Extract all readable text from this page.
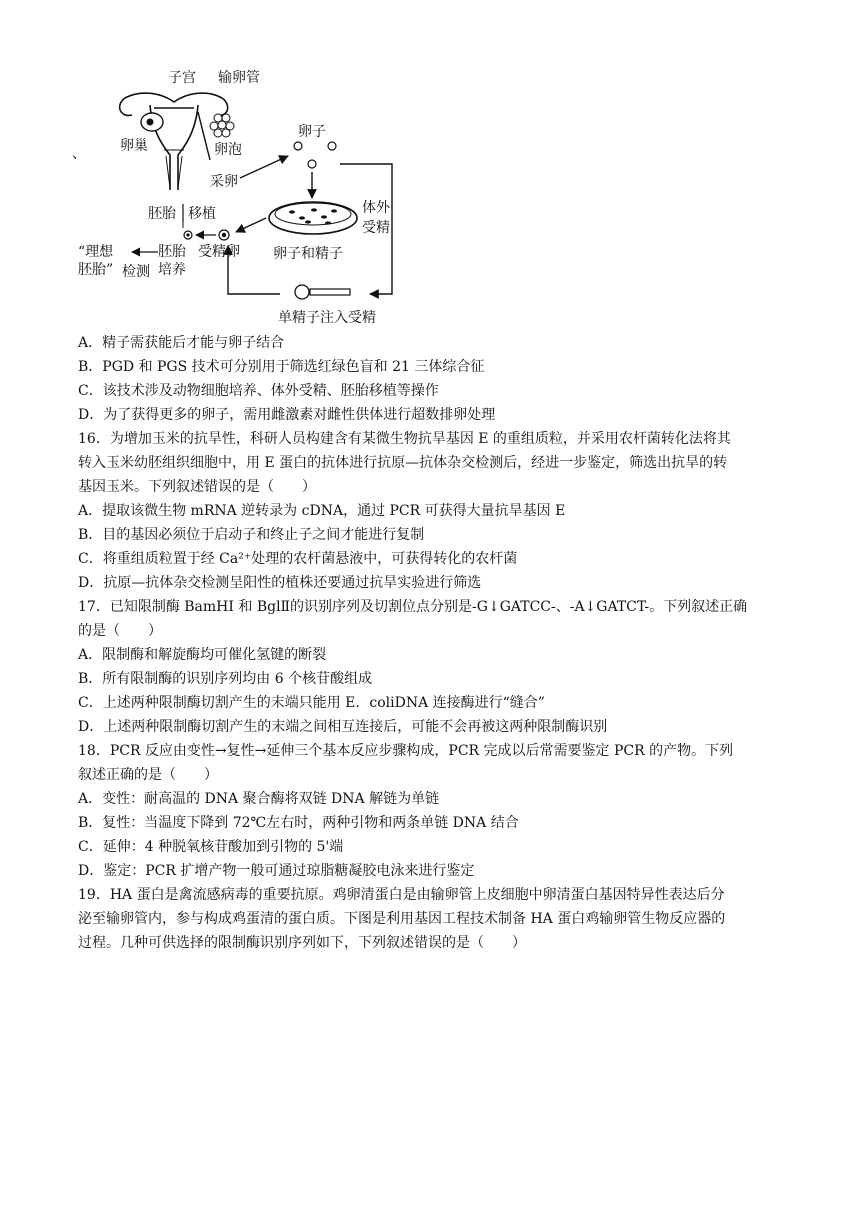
子宫 输卵管
卵巢	卵泡
采卵
、
卵子
体外
受精
卵子和精子
胚胎 移植
胚胎
培养
受精卵
“理想
胚胎” 检测
单精子注入受精
A．精子需获能后才能与卵子结合
B．PGD 和 PGS 技术可分别用于筛选红绿色盲和 21 三体综合征
C．该技术涉及动物细胞培养、体外受精、胚胎移植等操作
D．为了获得更多的卵子，需用雌激素对雌性供体进行超数排卵处理
16．为增加玉米的抗旱性，科研人员构建含有某微生物抗旱基因 E 的重组质粒，并采用农杆菌转化法将其
转入玉米幼胚组织细胞中，用 E 蛋白的抗体进行抗原—抗体杂交检测后，经进一步鉴定，筛选出抗旱的转
基因玉米。下列叙述错误的是（　　）
A．提取该微生物 mRNA 逆转录为 cDNA，通过 PCR 可获得大量抗旱基因 E
B．目的基因必须位于启动子和终止子之间才能进行复制
C．将重组质粒置于经 Ca²⁺处理的农杆菌悬液中，可获得转化的农杆菌
D．抗原—抗体杂交检测呈阳性的植株还要通过抗旱实验进行筛选
17．已知限制酶 BamHI 和 BglⅡ的识别序列及切割位点分别是-G↓GATCC-、-A↓GATCT-。下列叙述正确
的是（　　）
A．限制酶和解旋酶均可催化氢键的断裂
B．所有限制酶的识别序列均由 6 个核苷酸组成
C．上述两种限制酶切割产生的末端只能用 E．coliDNA 连接酶进行“缝合”
D．上述两种限制酶切割产生的末端之间相互连接后，可能不会再被这两种限制酶识别
18．PCR 反应由变性→复性→延伸三个基本反应步骤构成，PCR 完成以后常需要鉴定 PCR 的产物。下列
叙述正确的是（　　）
A．变性：耐高温的 DNA 聚合酶将双链 DNA 解链为单链
B．复性：当温度下降到 72℃左右时，两种引物和两条单链 DNA 结合
C．延伸：4 种脱氧核苷酸加到引物的 5'端
D．鉴定：PCR 扩增产物一般可通过琼脂糖凝胶电泳来进行鉴定
19．HA 蛋白是禽流感病毒的重要抗原。鸡卵清蛋白是由输卵管上皮细胞中卵清蛋白基因特异性表达后分
泌至输卵管内，参与构成鸡蛋清的蛋白质。下图是利用基因工程技术制备 HA 蛋白鸡输卵管生物反应器的
过程。几种可供选择的限制酶识别序列如下，下列叙述错误的是（　　）
